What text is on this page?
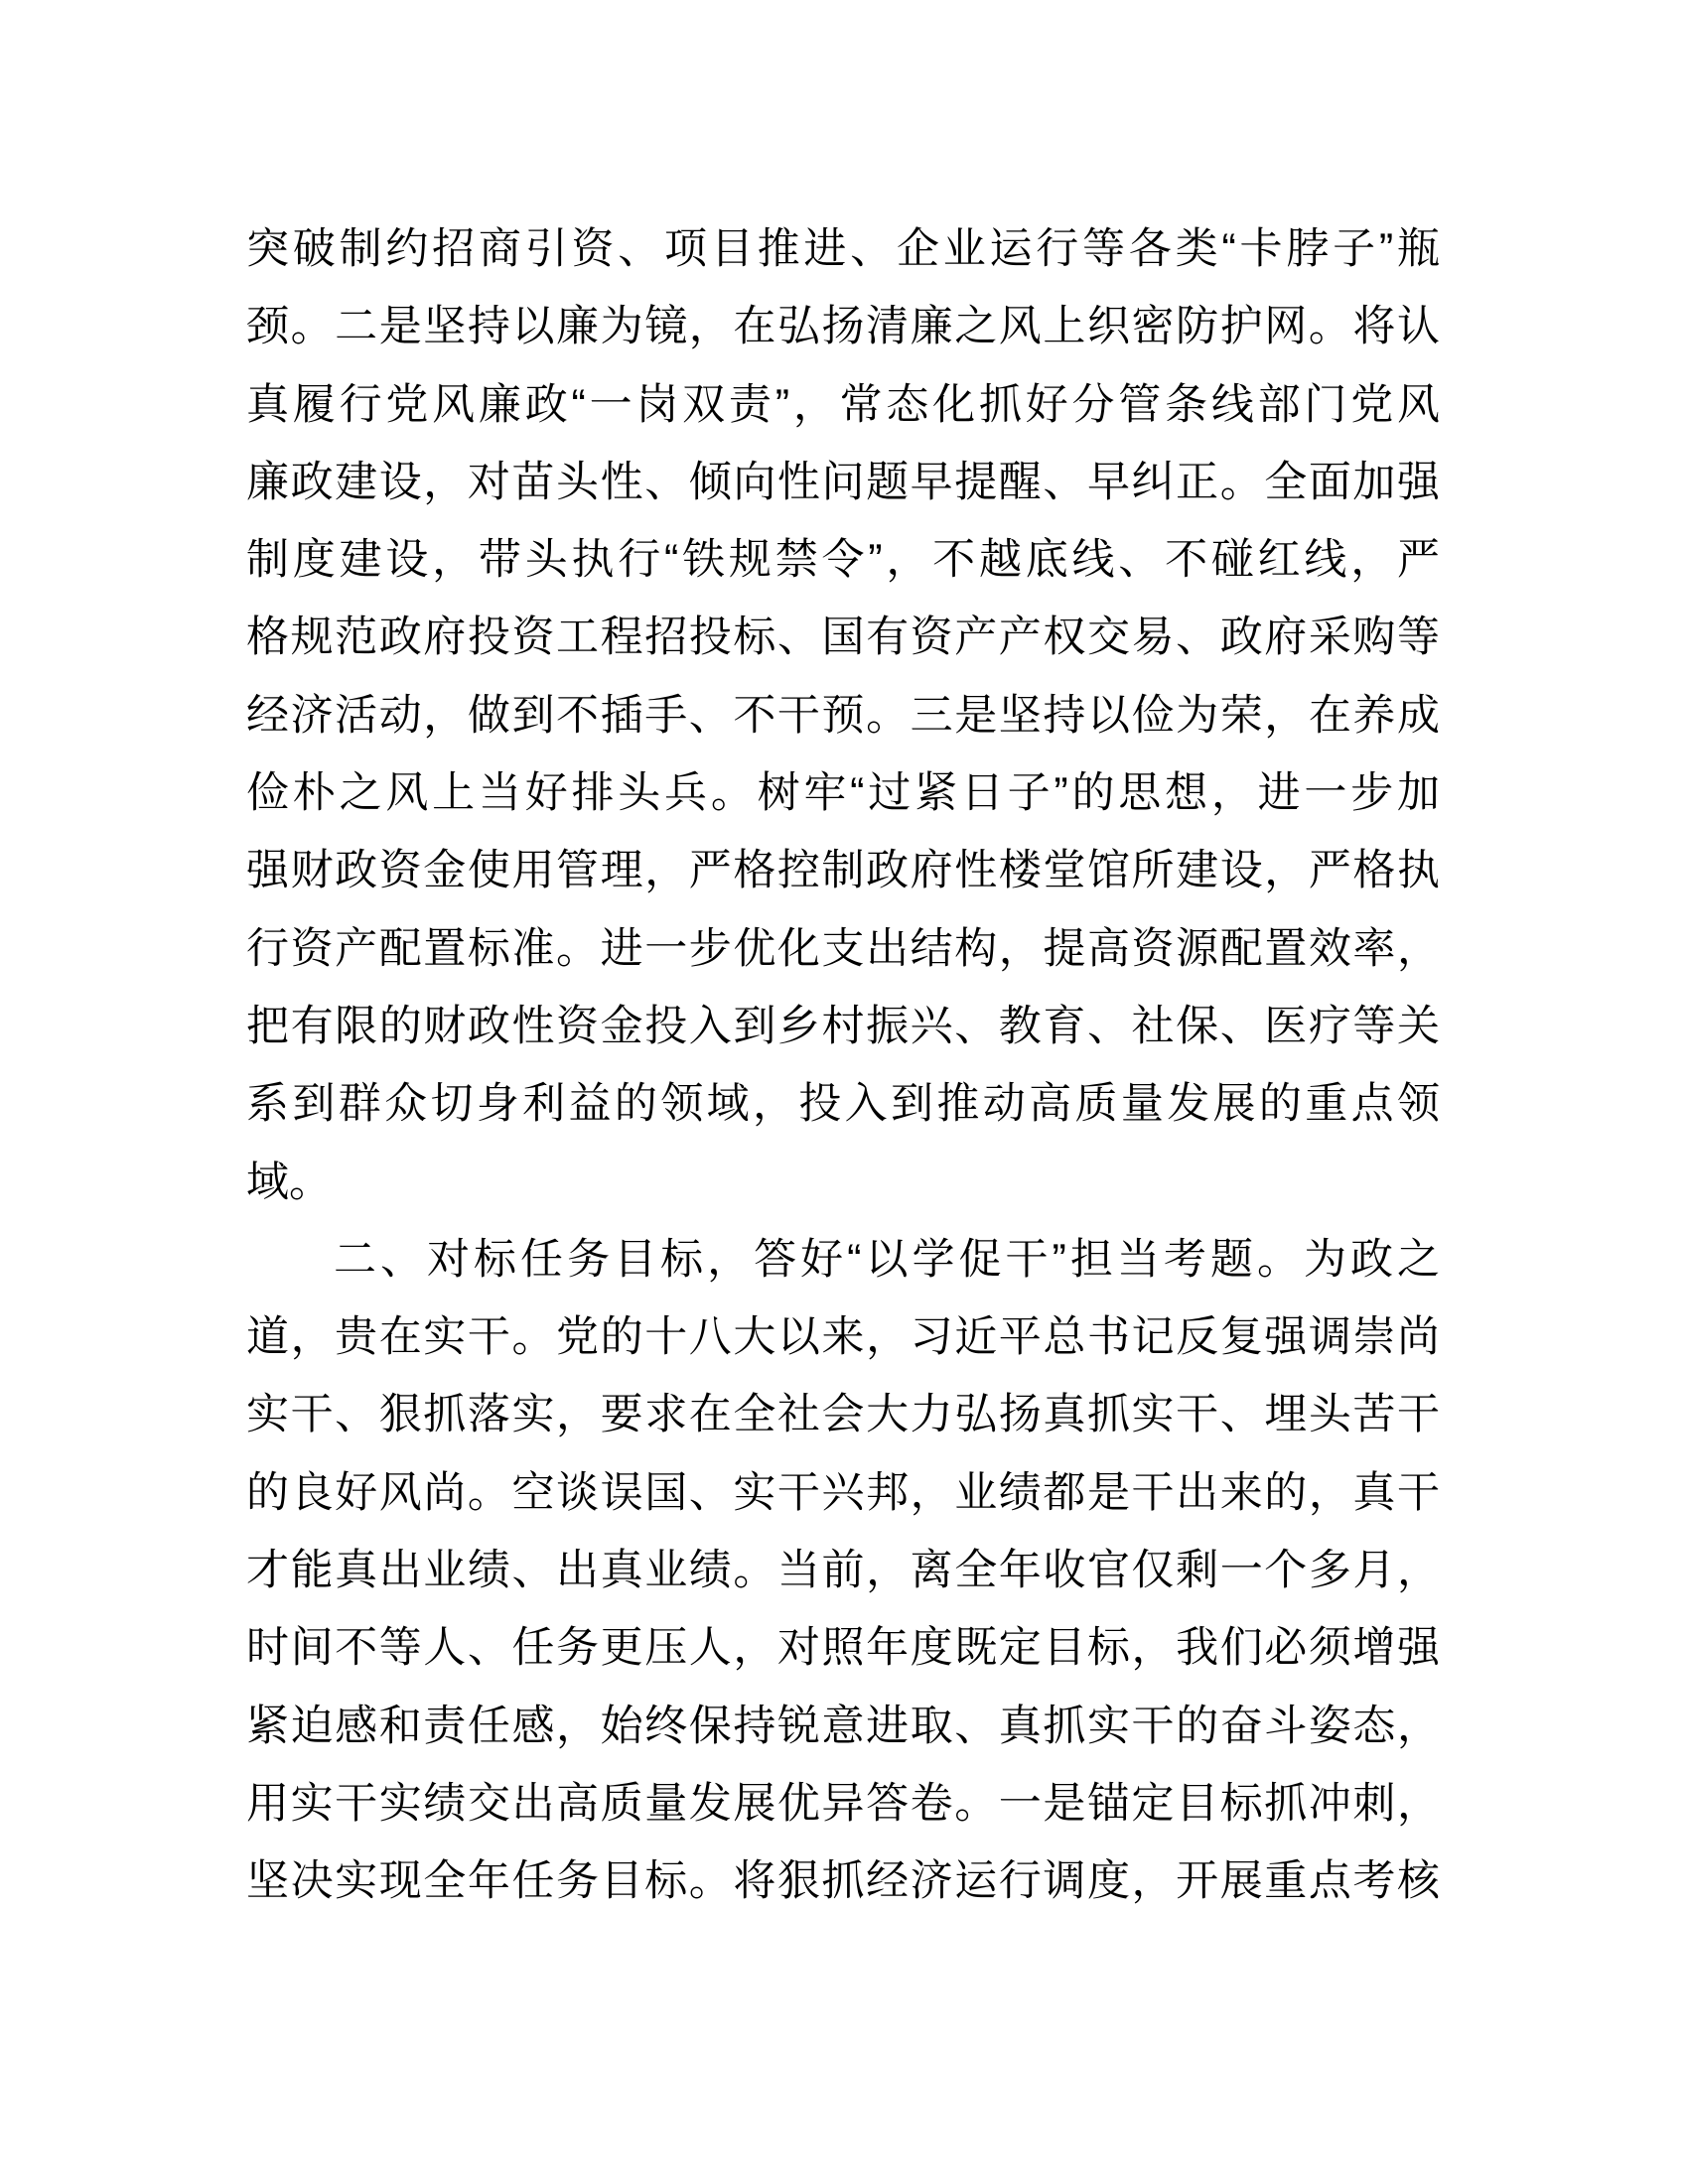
突破制约招商引资、项目推进、企业运行等各类“卡脖子”瓶
颈。二是坚持以廉为镜，在弘扬清廉之风上织密防护网。将认
真履行党风廉政“一岗双责”，常态化抓好分管条线部门党风
廉政建设，对苗头性、倾向性问题早提醒、早纠正。全面加强
制度建设，带头执行“铁规禁令”，不越底线、不碰红线，严
格规范政府投资工程招投标、国有资产产权交易、政府采购等
经济活动，做到不插手、不干预。三是坚持以俭为荣，在养成
俭朴之风上当好排头兵。树牢“过紧日子”的思想，进一步加
强财政资金使用管理，严格控制政府性楼堂馆所建设，严格执
行资产配置标准。进一步优化支出结构，提高资源配置效率，
把有限的财政性资金投入到乡村振兴、教育、社保、医疗等关
系到群众切身利益的领域，投入到推动高质量发展的重点领
域。
二、对标任务目标，答好“以学促干”担当考题。为政之
道，贵在实干。党的十八大以来，习近平总书记反复强调崇尚
实干、狠抓落实，要求在全社会大力弘扬真抓实干、埋头苦干
的良好风尚。空谈误国、实干兴邦，业绩都是干出来的，真干
才能真出业绩、出真业绩。当前，离全年收官仅剩一个多月，
时间不等人、任务更压人，对照年度既定目标，我们必须增强
紧迫感和责任感，始终保持锐意进取、真抓实干的奋斗姿态，
用实干实绩交出高质量发展优异答卷。一是锚定目标抓冲刺，
坚决实现全年任务目标。将狠抓经济运行调度，开展重点考核
